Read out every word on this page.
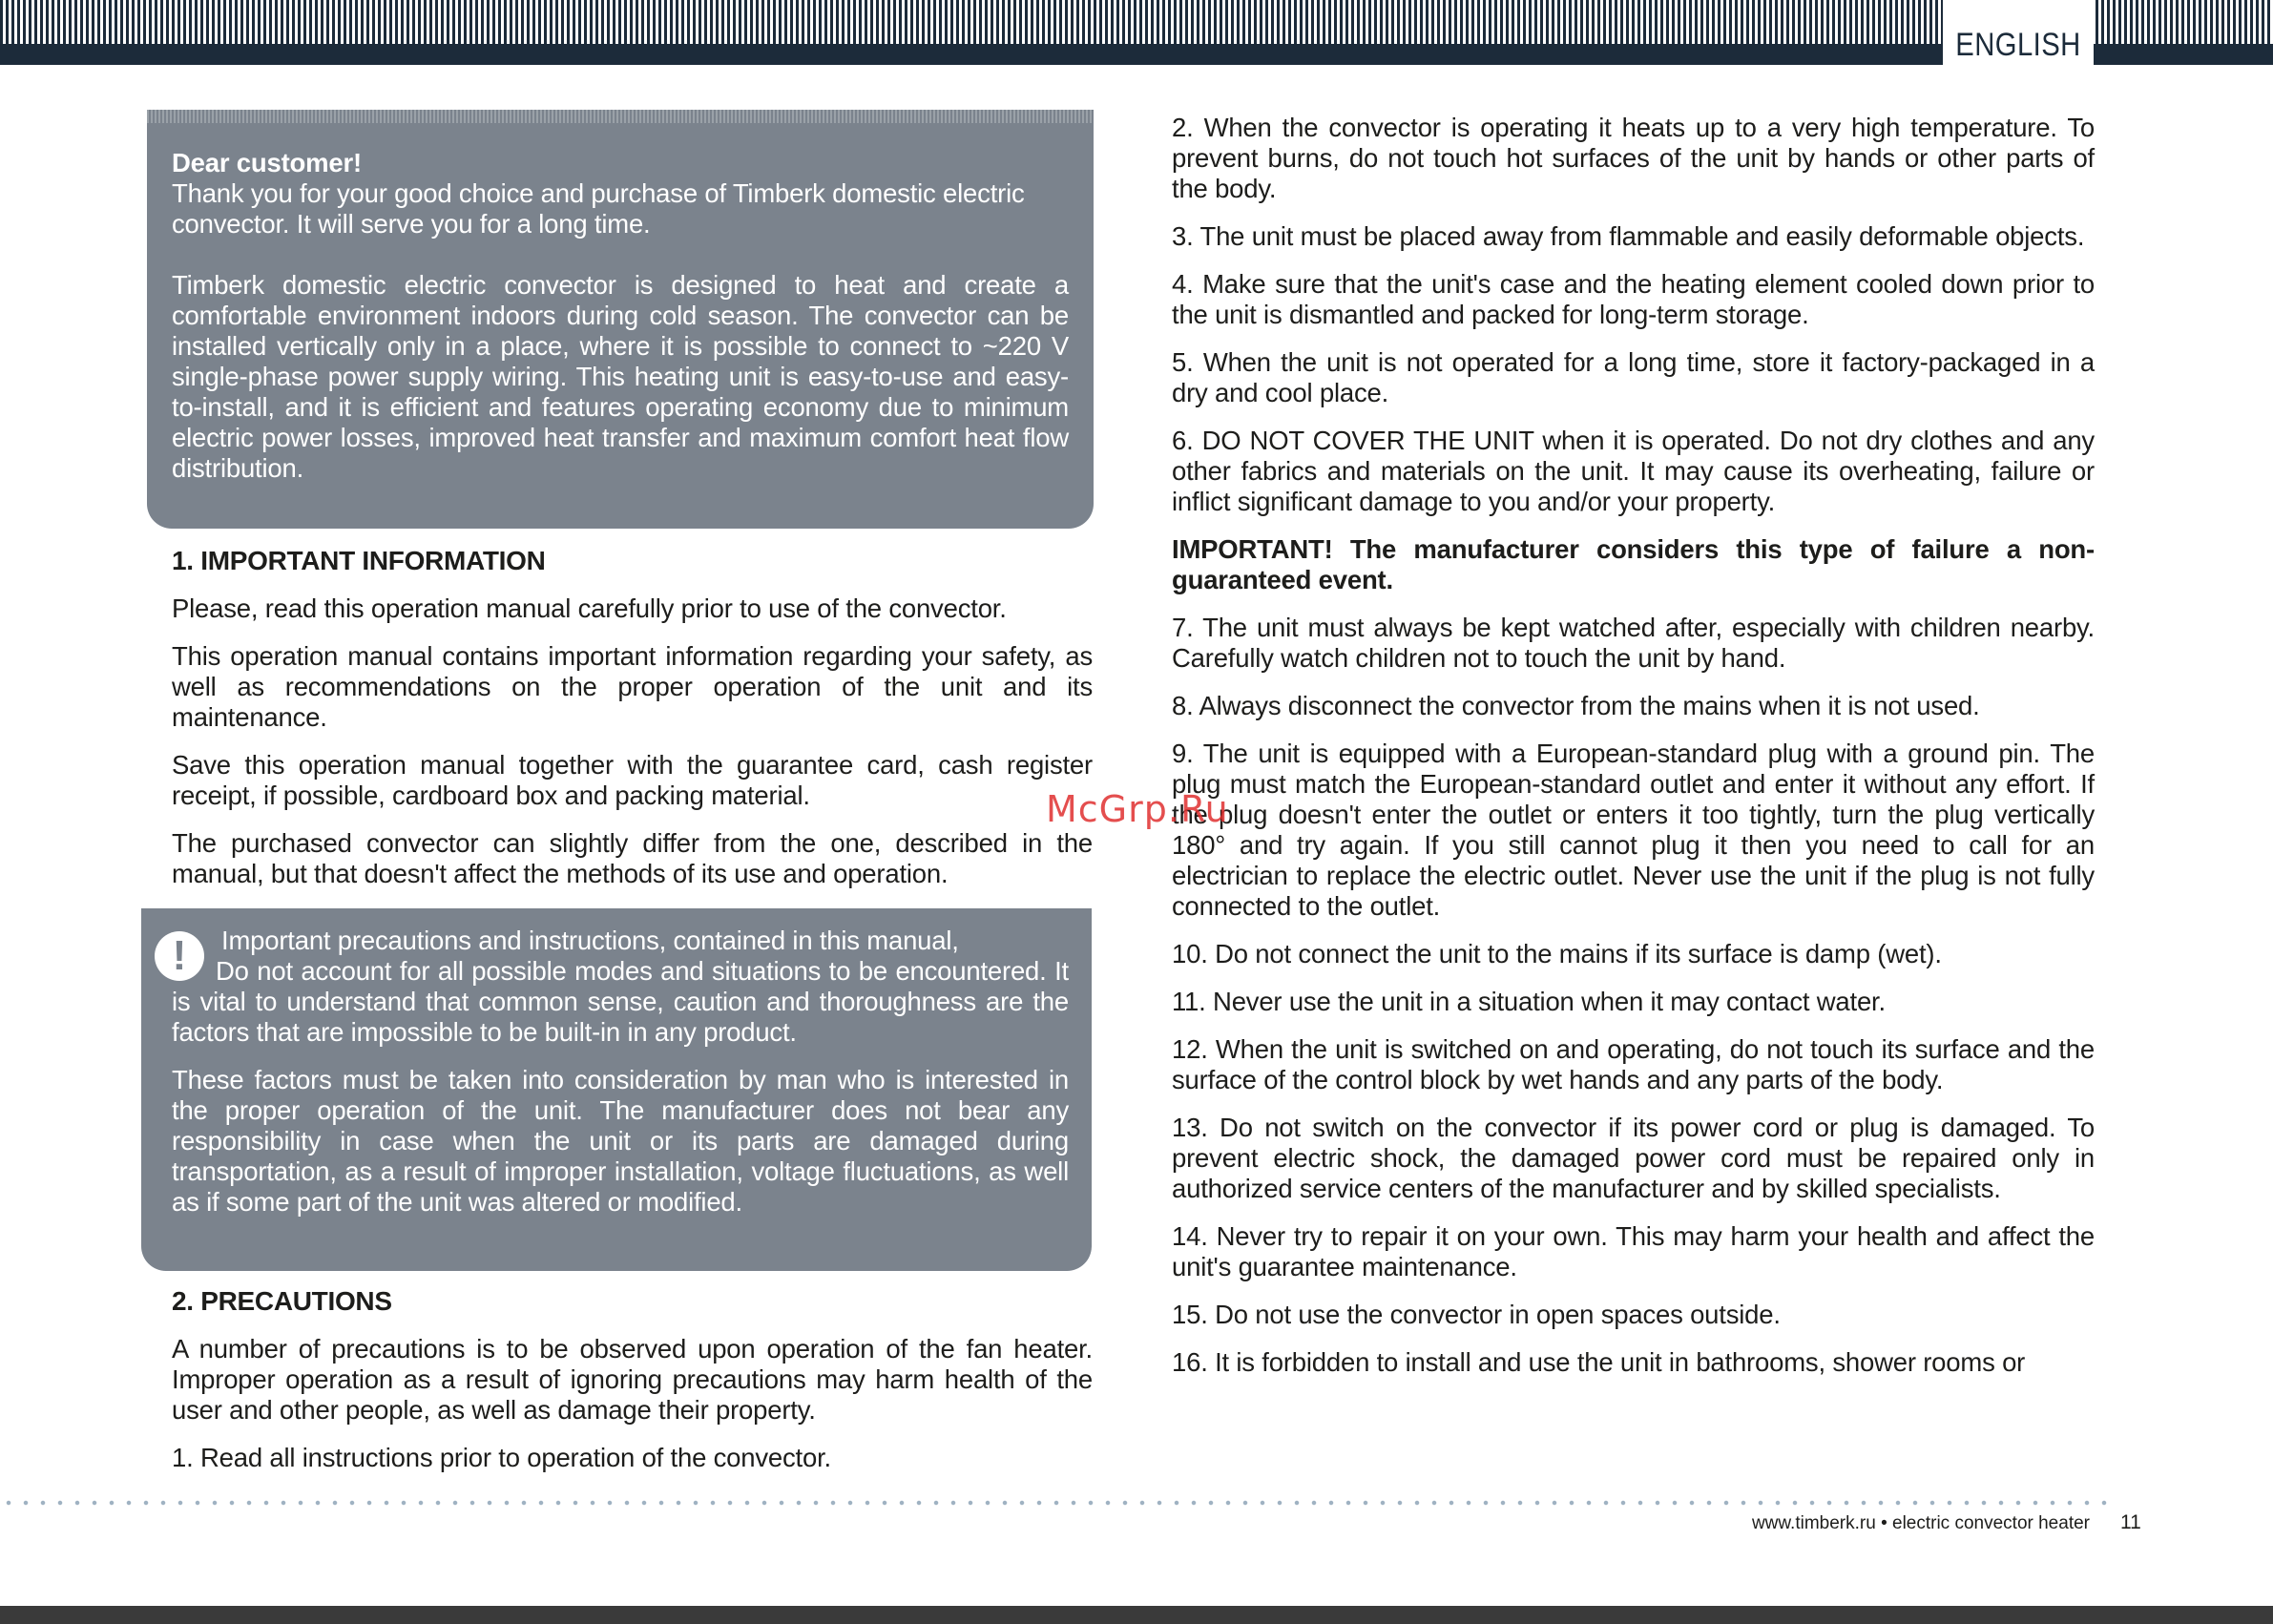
ENGLISH
Dear customer!
Thank you for your good choice and purchase of Timberk domestic electric convector. It will serve you for a long time.
Timberk domestic electric convector is designed to heat and create a comfortable environment indoors during cold season. The convector can be installed vertically only in a place, where it is possible to connect to ~220 V single-phase power supply wiring. This heating unit is easy-to-use and easy-to-install, and it is efficient and features operating economy due to minimum electric power losses, improved heat transfer and maximum comfort heat flow distribution.
1. IMPORTANT INFORMATION
Please, read this operation manual carefully prior to use of the convector.
This operation manual contains important information regarding your safety, as well as recommendations on the proper operation of the unit and its maintenance.
Save this operation manual together with the guarantee card, cash register receipt, if possible, cardboard box and packing material.
The purchased convector can slightly differ from the one, described in the manual, but that doesn't affect the methods of its use and operation.
!	Important precautions and instructions, contained in this manual,
Do not account for all possible modes and situations to be encountered. It is vital to understand that common sense, caution and thoroughness are the factors that are impossible to be built-in in any product.
These factors must be taken into consideration by man who is interested in the proper operation of the unit. The manufacturer does not bear any responsibility in case when the unit or its parts are damaged during transportation, as a result of improper installation, voltage fluctuations, as well as if some part of the unit was altered or modified.
2. PRECAUTIONS
A number of precautions is to be observed upon operation of the fan heater. Improper operation as a result of ignoring precautions may harm health of the user and other people, as well as damage their property.
1. Read all instructions prior to operation of the convector.
2. When the convector is operating it heats up to a very high temperature. To prevent burns, do not touch hot surfaces of the unit by hands or other parts of the body.
3. The unit must be placed away from flammable and easily deformable objects.
4. Make sure that the unit's case and the heating element cooled down prior to the unit is dismantled and packed for long-term storage.
5. When the unit is not operated for a long time, store it factory-packaged in a dry and cool place.
6. DO NOT COVER THE UNIT when it is operated. Do not dry clothes and any other fabrics and materials on the unit. It may cause its overheating, failure or inflict significant damage to you and/or your property.
IMPORTANT! The manufacturer considers this type of failure a non-guaranteed event.
7. The unit must always be kept watched after, especially with children nearby. Carefully watch children not to touch the unit by hand.
8. Always disconnect the convector from the mains when it is not used.
9. The unit is equipped with a European-standard plug with a ground pin. The plug must match the European-standard outlet and enter it without any effort. If the plug doesn't enter the outlet or enters it too tightly, turn the plug vertically 180° and try again. If you still cannot plug it then you need to call for an electrician to replace the electric outlet. Never use the unit if the plug is not fully connected to the outlet.
10. Do not connect the unit to the mains if its surface is damp (wet).
11. Never use the unit in a situation when it may contact water.
12. When the unit is switched on and operating, do not touch its surface and the surface of the control block by wet hands and any parts of the body.
13. Do not switch on the convector if its power cord or plug is damaged. To prevent electric shock, the damaged power cord must be repaired only in authorized service centers of the manufacturer and by skilled specialists.
14. Never try to repair it on your own. This may harm your health and affect the unit's guarantee maintenance.
15. Do not use the convector in open spaces outside.
16. It is forbidden to install and use the unit in bathrooms, shower rooms or
McGrp.Ru
www.timberk.ru • electric convector heater 11
